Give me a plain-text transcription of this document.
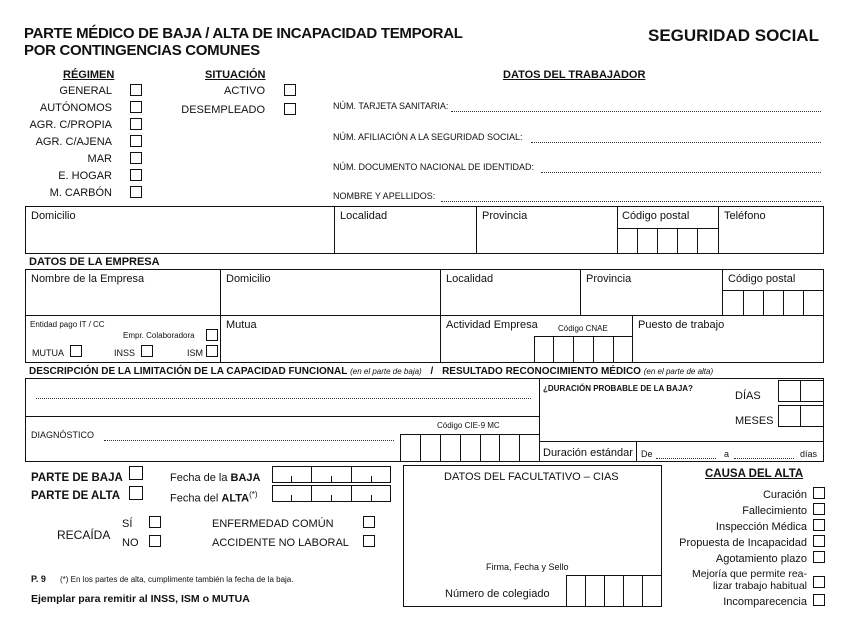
PARTE MÉDICO DE BAJA / ALTA DE INCAPACIDAD TEMPORAL
POR CONTINGENCIAS COMUNES
SEGURIDAD SOCIAL
RÉGIMEN
GENERAL
AUTÓNOMOS
AGR. C/PROPIA
AGR. C/AJENA
MAR
E. HOGAR
M. CARBÓN
SITUACIÓN
ACTIVO
DESEMPLEADO
DATOS DEL TRABAJADOR
NÚM. TARJETA SANITARIA:
NÚM. AFILIACIÓN A LA SEGURIDAD SOCIAL:
NÚM. DOCUMENTO NACIONAL DE IDENTIDAD:
NOMBRE Y APELLIDOS:
Domicilio	Localidad	Provincia	Código postal	Teléfono
DATOS DE LA EMPRESA
Nombre de la Empresa	Domicilio	Localidad	Provincia	Código postal
Entidad pago IT / CC
Empr. Colaboradora
MUTUA	INSS	ISM
Mutua	Actividad Empresa	Código CNAE	Puesto de trabajo
DESCRIPCIÓN DE LA LIMITACIÓN DE LA CAPACIDAD FUNCIONAL (en el parte de baja) / RESULTADO RECONOCIMIENTO MÉDICO (en el parte de alta)
¿DURACIÓN PROBABLE DE LA BAJA?
DÍAS
MESES
Código CIE-9 MC
DIAGNÓSTICO
Duración estándar De	a	días
PARTE DE BAJA
PARTE DE ALTA
Fecha de la BAJA
Fecha del ALTA(*)
RECAÍDA
SÍ
NO
ENFERMEDAD COMÚN
ACCIDENTE NO LABORAL
DATOS DEL FACULTATIVO – CIAS
Firma, Fecha y Sello
Número de colegiado
CAUSA DEL ALTA
Curación
Fallecimiento
Inspección Médica
Propuesta de Incapacidad
Agotamiento plazo
Mejoría que permite rea-
lizar trabajo habitual
Incomparecencia
P. 9 (*) En los partes de alta, cumplimente también la fecha de la baja.
Ejemplar para remitir al INSS, ISM o MUTUA
